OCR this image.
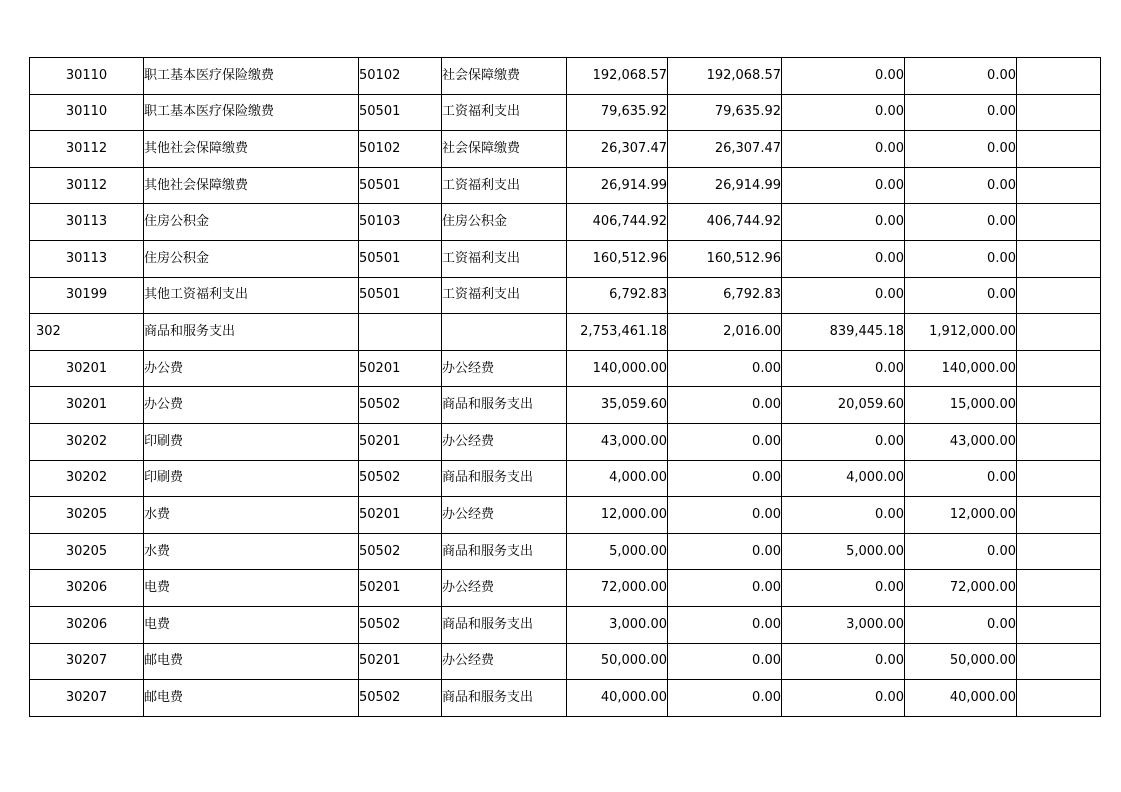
30110	职工基本医疗保险缴费	50102	社会保障缴费	192,068.57	192,068.57	0.00	0.00	
30110	职工基本医疗保险缴费	50501	工资福利支出	79,635.92	79,635.92	0.00	0.00	
30112	其他社会保障缴费	50102	社会保障缴费	26,307.47	26,307.47	0.00	0.00	
30112	其他社会保障缴费	50501	工资福利支出	26,914.99	26,914.99	0.00	0.00	
30113	住房公积金	50103	住房公积金	406,744.92	406,744.92	0.00	0.00	
30113	住房公积金	50501	工资福利支出	160,512.96	160,512.96	0.00	0.00	
30199	其他工资福利支出	50501	工资福利支出	6,792.83	6,792.83	0.00	0.00	
302	商品和服务支出			2,753,461.18	2,016.00	839,445.18	1,912,000.00	
30201	办公费	50201	办公经费	140,000.00	0.00	0.00	140,000.00	
30201	办公费	50502	商品和服务支出	35,059.60	0.00	20,059.60	15,000.00	
30202	印刷费	50201	办公经费	43,000.00	0.00	0.00	43,000.00	
30202	印刷费	50502	商品和服务支出	4,000.00	0.00	4,000.00	0.00	
30205	水费	50201	办公经费	12,000.00	0.00	0.00	12,000.00	
30205	水费	50502	商品和服务支出	5,000.00	0.00	5,000.00	0.00	
30206	电费	50201	办公经费	72,000.00	0.00	0.00	72,000.00	
30206	电费	50502	商品和服务支出	3,000.00	0.00	3,000.00	0.00	
30207	邮电费	50201	办公经费	50,000.00	0.00	0.00	50,000.00	
30207	邮电费	50502	商品和服务支出	40,000.00	0.00	0.00	40,000.00	
